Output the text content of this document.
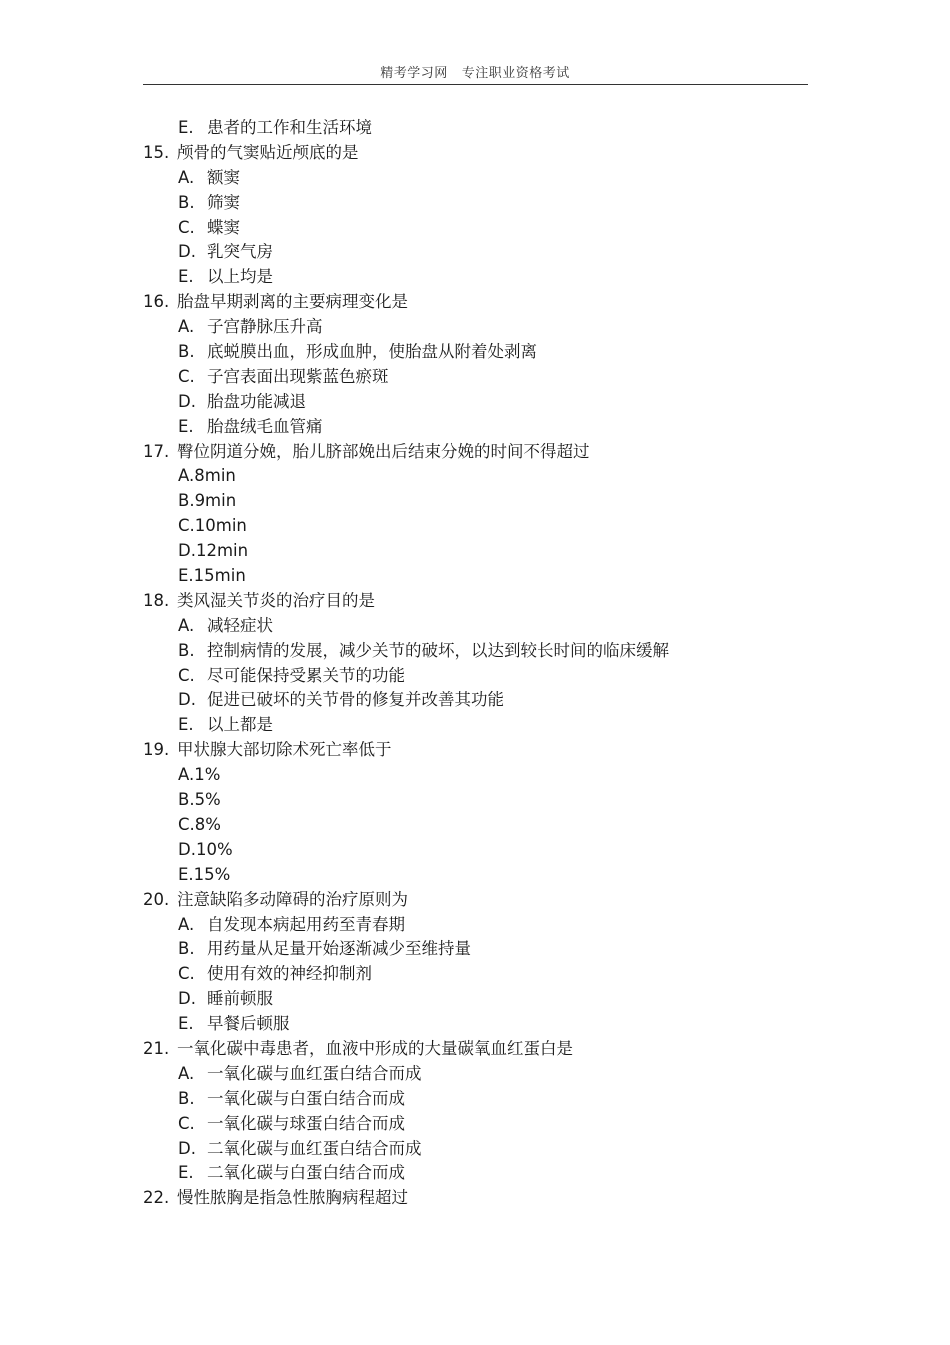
精考学习网 专注职业资格考试
E. 患者的工作和生活环境
15. 颅骨的气窦贴近颅底的是
A. 额窦
B. 筛窦
C. 蝶窦
D. 乳突气房
E. 以上均是
16. 胎盘早期剥离的主要病理变化是
A. 子宫静脉压升高
B. 底蜕膜出血，形成血肿，使胎盘从附着处剥离
C. 子宫表面出现紫蓝色瘀斑
D. 胎盘功能减退
E. 胎盘绒毛血管痛
17. 臀位阴道分娩，胎儿脐部娩出后结束分娩的时间不得超过
A.8min
B.9min
C.10min
D.12min
E.15min
18. 类风湿关节炎的治疗目的是
A. 减轻症状
B. 控制病情的发展，减少关节的破坏，以达到较长时间的临床缓解
C. 尽可能保持受累关节的功能
D. 促进已破坏的关节骨的修复并改善其功能
E. 以上都是
19. 甲状腺大部切除术死亡率低于
A.1%
B.5%
C.8%
D.10%
E.15%
20. 注意缺陷多动障碍的治疗原则为
A. 自发现本病起用药至青春期
B. 用药量从足量开始逐渐减少至维持量
C. 使用有效的神经抑制剂
D. 睡前顿服
E. 早餐后顿服
21. 一氧化碳中毒患者，血液中形成的大量碳氧血红蛋白是
A. 一氧化碳与血红蛋白结合而成
B. 一氧化碳与白蛋白结合而成
C. 一氧化碳与球蛋白结合而成
D. 二氧化碳与血红蛋白结合而成
E. 二氧化碳与白蛋白结合而成
22. 慢性脓胸是指急性脓胸病程超过
